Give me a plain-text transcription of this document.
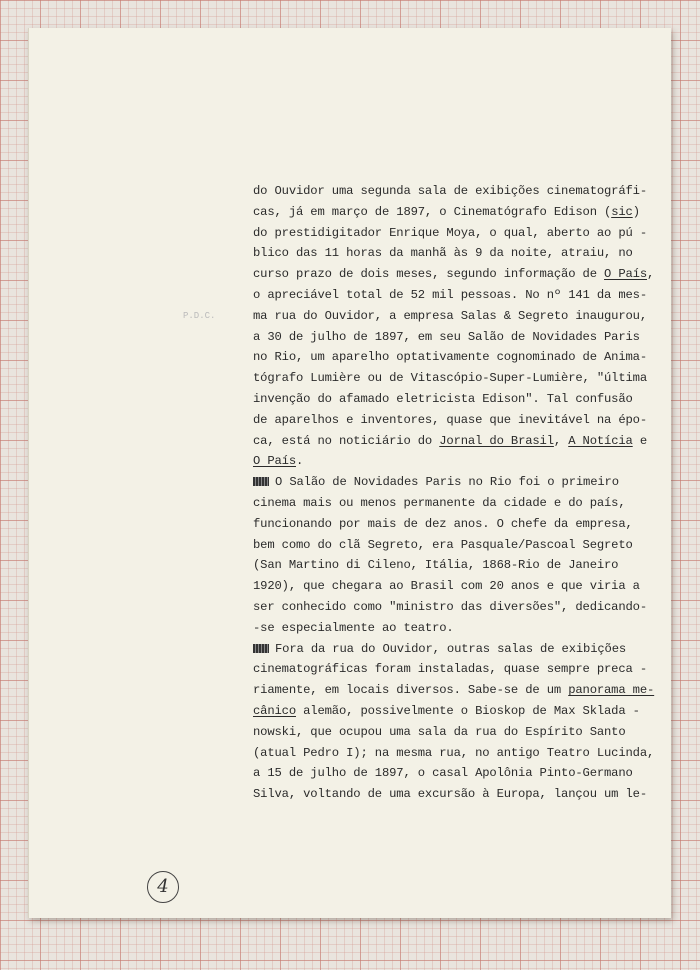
P.D.C.
do Ouvidor uma segunda sala de exibições cinematográfi-
cas, já em março de 1897, o Cinematógrafo Edison (sic)
do prestidigitador Enrique Moya, o qual, aberto ao pú -
blico das 11 horas da manhã às 9 da noite, atraiu, no
curso prazo de dois meses, segundo informação de O País,
o apreciável total de 52 mil pessoas. No nº 141 da mes-
ma rua do Ouvidor, a empresa Salas & Segreto inaugurou,
a 30 de julho de 1897, em seu Salão de Novidades Paris
no Rio, um aparelho optativamente cognominado de Anima-
tógrafo Lumière ou de Vitascópio-Super-Lumière, "última
invenção do afamado eletricista Edison". Tal confusão
de aparelhos e inventores, quase que inevitável na épo-
ca, está no noticiário do Jornal do Brasil, A Notícia e
O País.
O Salão de Novidades Paris no Rio foi o primeiro
cinema mais ou menos permanente da cidade e do país,
funcionando por mais de dez anos. O chefe da empresa,
bem como do clã Segreto, era Pasquale/Pascoal Segreto
(San Martino di Cileno, Itália, 1868-Rio de Janeiro
1920), que chegara ao Brasil com 20 anos e que viria a
ser conhecido como "ministro das diversões", dedicando-
-se especialmente ao teatro.
Fora da rua do Ouvidor, outras salas de exibições
cinematográficas foram instaladas, quase sempre preca -
riamente, em locais diversos. Sabe-se de um panorama me-
cânico alemão, possivelmente o Bioskop de Max Sklada -
nowski, que ocupou uma sala da rua do Espírito Santo
(atual Pedro I); na mesma rua, no antigo Teatro Lucinda,
a 15 de julho de 1897, o casal Apolônia Pinto-Germano
Silva, voltando de uma excursão à Europa, lançou um le-
4
